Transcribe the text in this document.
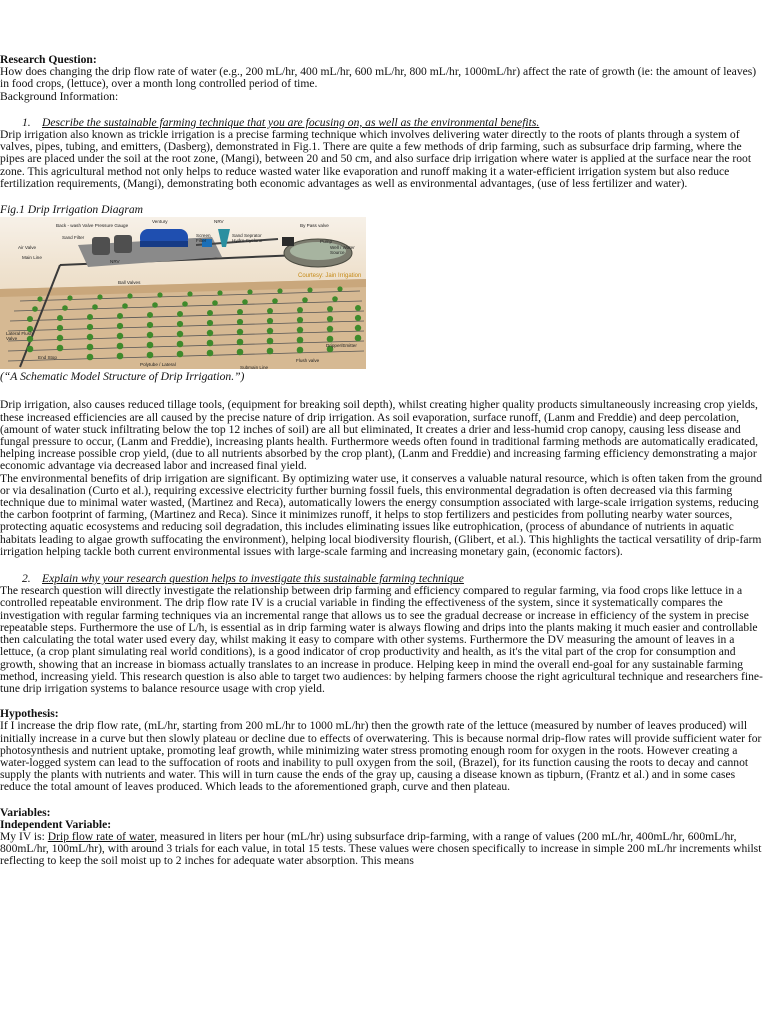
Research Question:

How does changing the drip flow rate of water (e.g., 200 mL/hr, 400 mL/hr, 600 mL/hr, 800 mL/hr, 1000mL/hr) affect the rate of growth (ie: the amount of leaves) in food crops, (lettuce), over a month long controlled period of time.

Background Information:

1. Describe the sustainable farming technique that you are focusing on, as well as the environmental benefits.

Drip irrigation also known as trickle irrigation is a precise farming technique which involves delivering water directly to the roots of plants through a system of valves, pipes, tubing, and emitters, (Dasberg), demonstrated in Fig.1. There are quite a few methods of drip farming, such as subsurface drip farming, where the pipes are placed under the soil at the root zone, (Mangi), between 20 and 50 cm, and also surface drip irrigation where water is applied at the surface near the root zone. This agricultural method not only helps to reduce wasted water like evaporation and runoff making it a water-efficient irrigation system but also reduce fertilization requirements, (Mangi), demonstrating both economic advantages as well as environmental advantages, (use of less fertilizer and water).

Fig.1 Drip Irrigation Diagram

Ventury
Back - wash Valve Pressure Gauge
Sand Filter
NRV
Screen Filter
Sand Seprator Hydro-Cyclone
By Pass valve
Pump
Well / Water Source
Air Valve
Main Line
NRV
Ball Valves
Lateral Flush Valve
End Stop
Polytube / Lateral
Submain Line
Flush valve
Dripper/Emitter
Courtesy: Jain Irrigation

(“A Schematic Model Structure of Drip Irrigation.”)

Drip irrigation, also causes reduced tillage tools, (equipment for breaking soil depth), whilst creating higher quality products simultaneously increasing crop yields, these increased efficiencies are all caused by the precise nature of drip irrigation. As soil evaporation, surface runoff, (Lanm and Freddie) and deep percolation, (amount of water stuck infiltrating below the top 12 inches of soil) are all but eliminated, It creates a drier and less-humid crop canopy, causing less disease and fungal pressure to occur, (Lanm and Freddie), increasing plants health. Furthermore weeds often found in traditional farming methods are automatically eradicated, helping increase possible crop yield, (due to all nutrients absorbed by the crop plant), (Lanm and Freddie) and increasing farming efficiency demonstrating a major economic advantage via decreased labor and increased final yield.

The environmental benefits of drip irrigation are significant. By optimizing water use, it conserves a valuable natural resource, which is often taken from the ground or via desalination (Curto et al.), requiring excessive electricity further burning fossil fuels, this environmental degradation is often decreased via this farming technique due to minimal water wasted, (Martinez and Reca), automatically lowers the energy consumption associated with large-scale irrigation systems, reducing the carbon footprint of farming, (Martinez and Reca). Since it minimizes runoff, it helps to stop fertilizers and pesticides from polluting nearby water sources, protecting aquatic ecosystems and reducing soil degradation, this includes eliminating issues like eutrophication, (process of abundance of nutrients in aquatic habitats leading to algae growth suffocating the environment), helping local biodiversity flourish, (Glibert, et al.). This highlights the tactical versatility of drip-farm irrigation helping tackle both current environmental issues with large-scale farming and increasing monetary gain, (economic factors).

2. Explain why your research question helps to investigate this sustainable farming technique

The research question will directly investigate the relationship between drip farming and efficiency compared to regular farming, via food crops like lettuce in a controlled repeatable environment. The drip flow rate IV is a crucial variable in finding the effectiveness of the system, since it systematically compares the investigation with regular farming techniques via an incremental range that allows us to see the gradual decrease or increase in efficiency of the system in precise repeatable steps. Furthermore the use of L/h, is essential as in drip farming water is always flowing and drips into the plants making it much easier and controllable then calculating the total water used every day, whilst making it easy to compare with other systems. Furthermore the DV measuring the amount of leaves in a lettuce, (a crop plant simulating real world conditions), is a good indicator of crop productivity and health, as it's the vital part of the crop for consumption and growth, showing that an increase in biomass actually translates to an increase in produce. Helping keep in mind the overall end-goal for any sustainable farming method, increasing yield. This research question is also able to target two audiences: by helping farmers choose the right agricultural technique and researchers fine-tune drip irrigation systems to balance resource usage with crop yield.

Hypothesis:

If I increase the drip flow rate, (mL/hr, starting from 200 mL/hr to 1000 mL/hr) then the growth rate of the lettuce (measured by number of leaves produced) will initially increase in a curve but then slowly plateau or decline due to effects of overwatering. This is because normal drip-flow rates will provide sufficient water for photosynthesis and nutrient uptake, promoting leaf growth, while minimizing water stress promoting enough room for oxygen in the roots. However creating a water-logged system can lead to the suffocation of roots and inability to pull oxygen from the soil, (Brazel), for its function causing the roots to decay and cannot supply the plants with nutrients and water. This will in turn cause the ends of the gray up, causing a disease known as tipburn, (Frantz et al.) and in some cases reduce the total amount of leaves produced. Which leads to the aforementioned graph, curve and then plateau.

Variables:

Independent Variable:

My IV is: Drip flow rate of water, measured in liters per hour (mL/hr) using subsurface drip-farming, with a range of values (200 mL/hr, 400mL/hr, 600mL/hr, 800mL/hr, 100mL/hr), with around 3 trials for each value, in total 15 tests. These values were chosen specifically to increase in simple 200 mL/hr increments whilst reflecting to keep the soil moist up to 2 inches for adequate water absorption. This means
